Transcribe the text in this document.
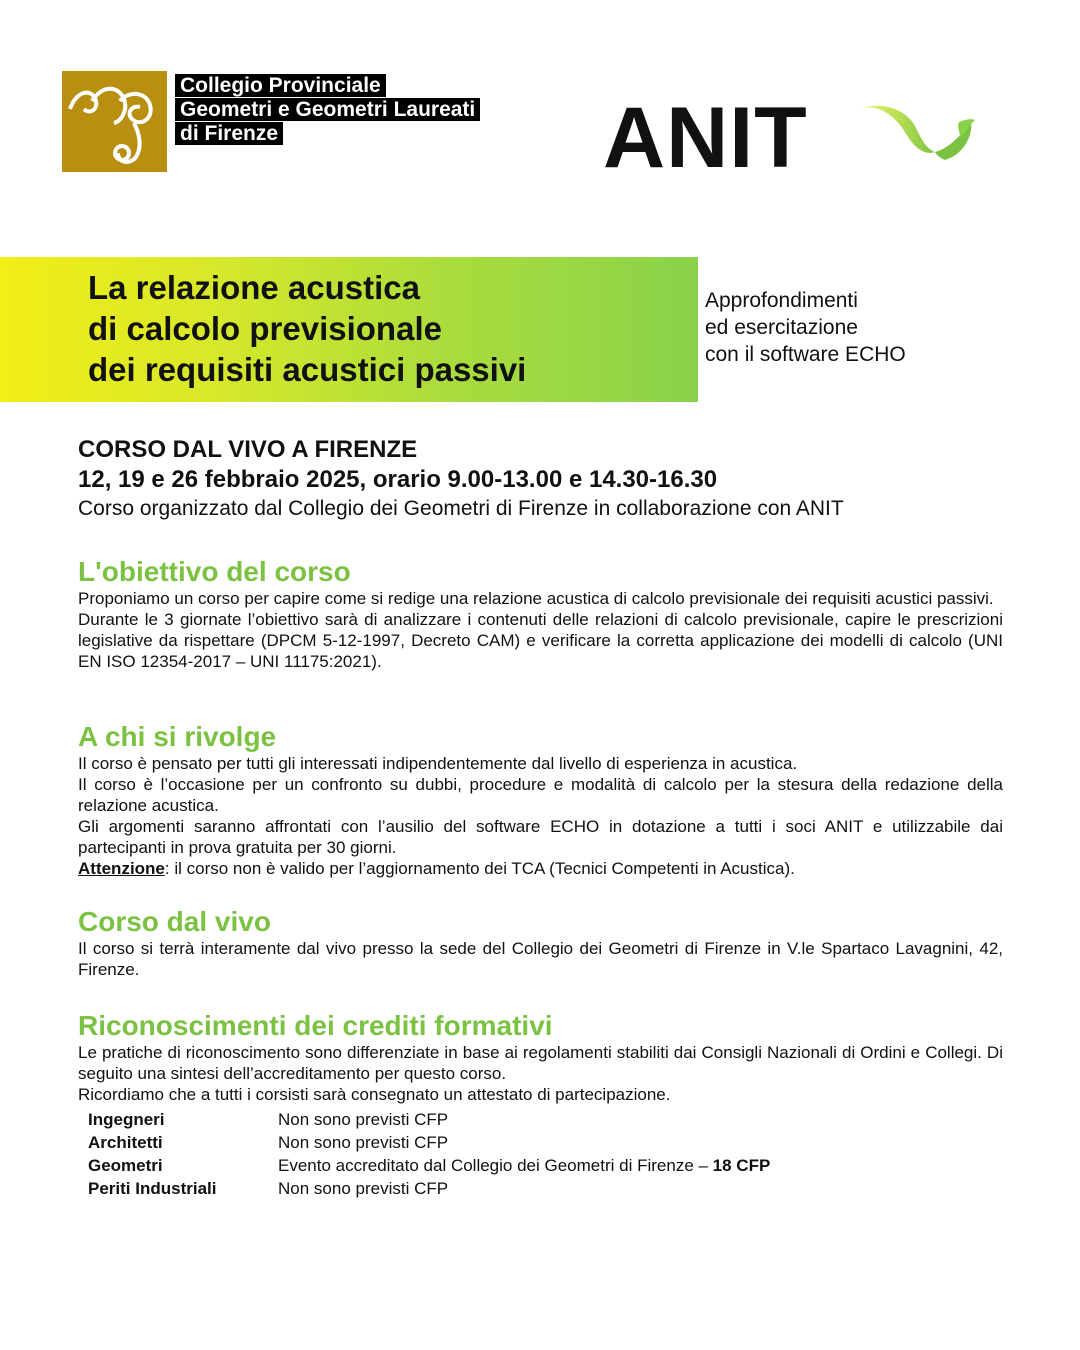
Collegio Provinciale
Geometri e Geometri Laureati
di Firenze	ANIT
La relazione acustica
di calcolo previsionale
dei requisiti acustici passivi
Approfondimenti
ed esercitazione
con il software ECHO
CORSO DAL VIVO A FIRENZE
12, 19 e 26 febbraio 2025, orario 9.00-13.00 e 14.30-16.30
Corso organizzato dal Collegio dei Geometri di Firenze in collaborazione con ANIT
L'obiettivo del corso

Proponiamo un corso per capire come si redige una relazione acustica di calcolo previsionale dei requisiti acustici passivi.

Durante le 3 giornate l’obiettivo sarà di analizzare i contenuti delle relazioni di calcolo previsionale, capire le prescrizioni legislative da rispettare (DPCM 5-12-1997, Decreto CAM) e verificare la corretta applicazione dei modelli di calcolo (UNI EN ISO 12354-2017 – UNI 11175:2021).

A chi si rivolge

Il corso è pensato per tutti gli interessati indipendentemente dal livello di esperienza in acustica.

Il corso è l’occasione per un confronto su dubbi, procedure e modalità di calcolo per la stesura della redazione della relazione acustica.

Gli argomenti saranno affrontati con l’ausilio del software ECHO in dotazione a tutti i soci ANIT e utilizzabile dai partecipanti in prova gratuita per 30 giorni.

Attenzione: il corso non è valido per l’aggiornamento dei TCA (Tecnici Competenti in Acustica).

Corso dal vivo

Il corso si terrà interamente dal vivo presso la sede del Collegio dei Geometri di Firenze in V.le Spartaco Lavagnini, 42, Firenze.

Riconoscimenti dei crediti formativi

Le pratiche di riconoscimento sono differenziate in base ai regolamenti stabiliti dai Consigli Nazionali di Ordini e Collegi. Di seguito una sintesi dell’accreditamento per questo corso.

Ricordiamo che a tutti i corsisti sarà consegnato un attestato di partecipazione.

Ingegneri	Non sono previsti CFP
Architetti	Non sono previsti CFP
Geometri	Evento accreditato dal Collegio dei Geometri di Firenze – 18 CFP
Periti Industriali	Non sono previsti CFP
